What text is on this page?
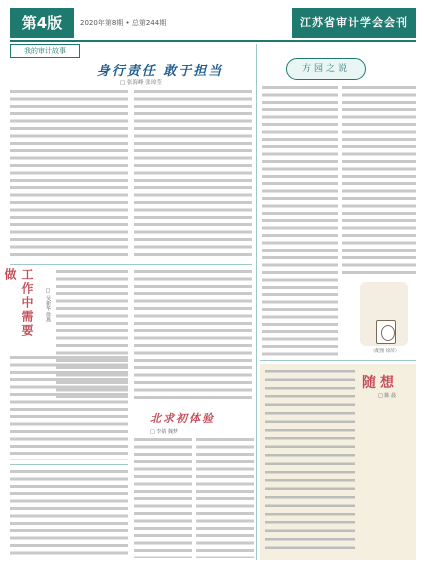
第4版	2020年第8期 • 总第244期	江苏省审计学会会刊
我的审计故事
身行责任 敢于担当
□ 张海峰 张琼莹
工作中需要做
□ 吴新华 徐燕
北求初体验
□ 李婧 魏梦
方园之说
（配图 徐萍）
随想
□ 陈 晨
